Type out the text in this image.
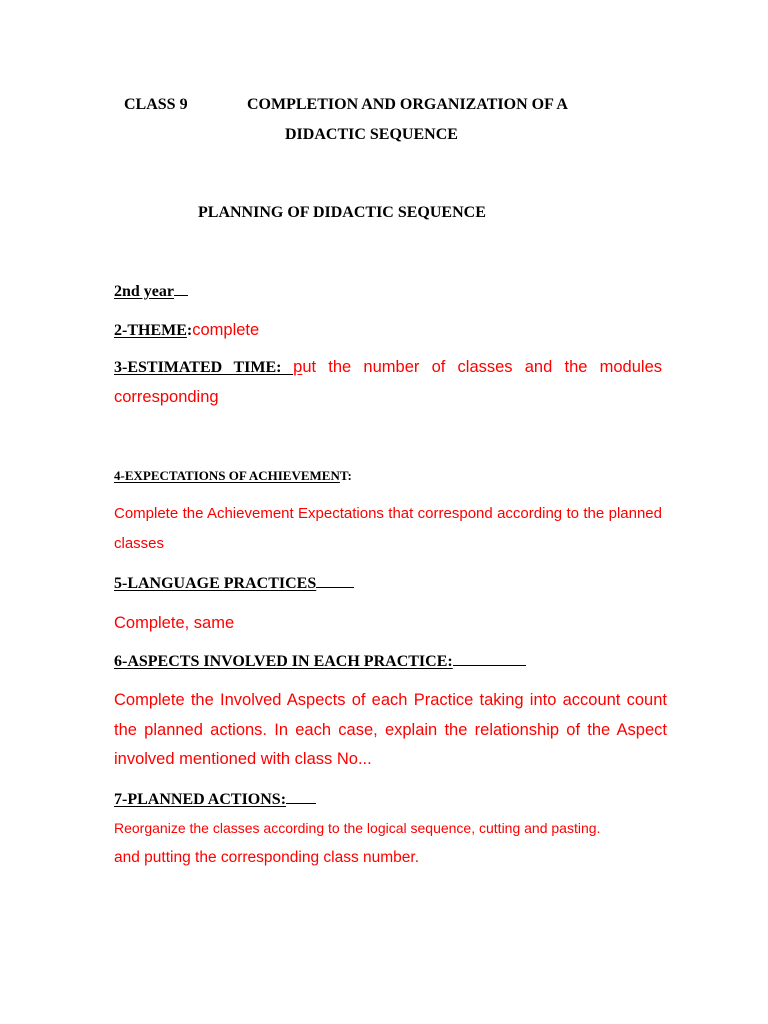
CLASS 9	COMPLETION AND ORGANIZATION OF A
DIDACTIC SEQUENCE
PLANNING OF DIDACTIC SEQUENCE
2nd year
2-THEME:complete

3-ESTIMATED TIME: put the number of classes and the modules corresponding

4-EXPECTATIONS OF ACHIEVEMENT:

Complete the Achievement Expectations that correspond according to the planned classes

5-LANGUAGE PRACTICES
Complete, same
6-ASPECTS INVOLVED IN EACH PRACTICE:

Complete the Involved Aspects of each Practice taking into account count the planned actions. In each case, explain the relationship of the Aspect involved mentioned with class No...

7-PLANNED ACTIONS:
Reorganize the classes according to the logical sequence, cutting and pasting.
and putting the corresponding class number.
